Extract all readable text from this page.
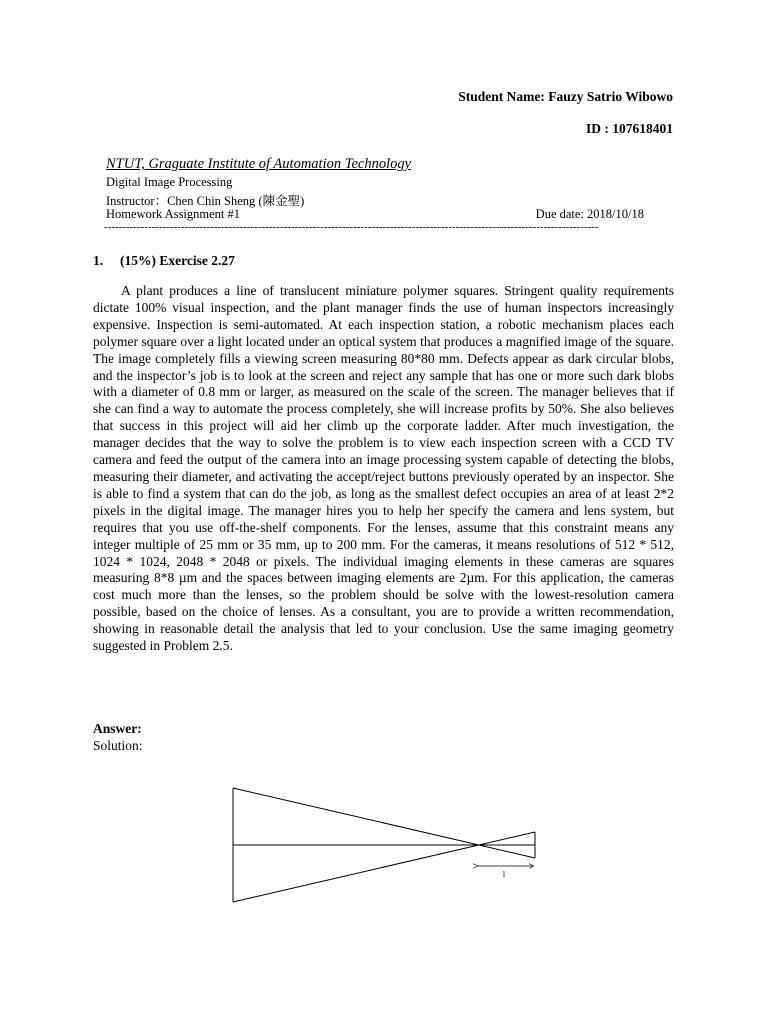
Student Name: Fauzy Satrio Wibowo
ID : 107618401
NTUT, Graguate Institute of Automation Technology
Digital Image Processing
Instructor：Chen Chin Sheng (陳金聖)
Homework Assignment #1	Due date: 2018/10/18
---------------------------------------------------------------------------------------------------------------------------------------
1. (15%) Exercise 2.27
A plant produces a line of translucent miniature polymer squares. Stringent quality requirements dictate 100% visual inspection, and the plant manager finds the use of human inspectors increasingly expensive. Inspection is semi-automated. At each inspection station, a robotic mechanism places each polymer square over a light located under an optical system that produces a magnified image of the square. The image completely fills a viewing screen measuring 80*80 mm. Defects appear as dark circular blobs, and the inspector’s job is to look at the screen and reject any sample that has one or more such dark blobs with a diameter of 0.8 mm or larger, as measured on the scale of the screen. The manager believes that if she can find a way to automate the process completely, she will increase profits by 50%. She also believes that success in this project will aid her climb up the corporate ladder. After much investigation, the manager decides that the way to solve the problem is to view each inspection screen with a CCD TV camera and feed the output of the camera into an image processing system capable of detecting the blobs, measuring their diameter, and activating the accept/reject buttons previously operated by an inspector. She is able to find a system that can do the job, as long as the smallest defect occupies an area of at least 2*2 pixels in the digital image. The manager hires you to help her specify the camera and lens system, but requires that you use off-the-shelf components. For the lenses, assume that this constraint means any integer multiple of 25 mm or 35 mm, up to 200 mm. For the cameras, it means resolutions of 512 * 512, 1024 * 1024, 2048 * 2048 or pixels. The individual imaging elements in these cameras are squares measuring 8*8 µm and the spaces between imaging elements are 2µm. For this application, the cameras cost much more than the lenses, so the problem should be solve with the lowest-resolution camera possible, based on the choice of lenses. As a consultant, you are to provide a written recommendation, showing in reasonable detail the analysis that led to your conclusion. Use the same imaging geometry suggested in Problem 2.5.
Answer:
Solution:
l
